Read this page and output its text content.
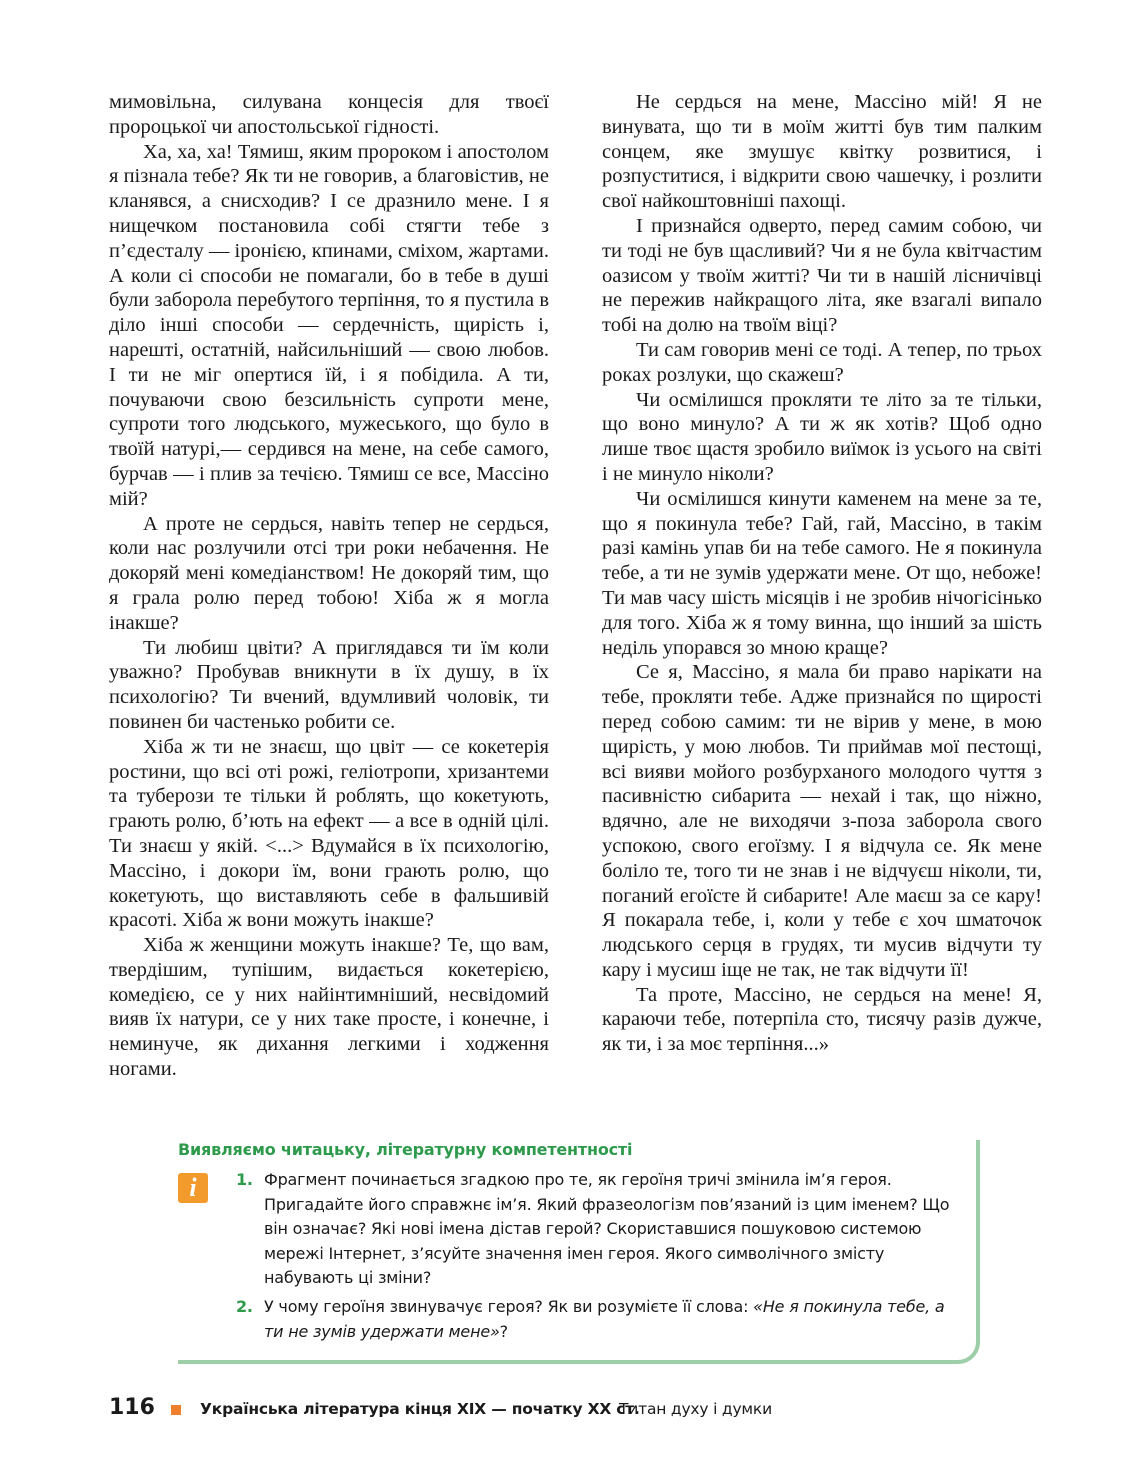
мимовільна, силувана концесія для твоєї пророцької чи апостольської гідності.

Ха, ха, ха! Тямиш, яким пророком і апостолом я пізнала тебе? Як ти не говорив, а благовістив, не кланявся, а снисходив? І се дразнило мене. І я нищечком постановила собі стягти тебе з п’єдесталу — іронією, кпинами, сміхом, жартами. А коли сі способи не помагали, бо в тебе в душі були заборола перебутого терпіння, то я пустила в діло інші способи — сердечність, щирість і, нарешті, остатній, найсильніший — свою любов. І ти не міг опертися їй, і я побідила. А ти, почуваючи свою безсильність супроти мене, супроти того людського, мужеського, що було в твоїй натурі,— сердився на мене, на себе самого, бурчав — і плив за течією. Тямиш се все, Массіно мій?

А проте не сердься, навіть тепер не сердься, коли нас розлучили отсі три роки небачення. Не докоряй мені комедіанством! Не докоряй тим, що я грала ролю перед тобою! Хіба ж я могла інакше?

Ти любиш цвіти? А приглядався ти їм коли уважно? Пробував вникнути в їх душу, в їх психологію? Ти вчений, вдумливий чоловік, ти повинен би частенько робити се.

Хіба ж ти не знаєш, що цвіт — се кокетерія ростини, що всі оті рожі, геліотропи, хризантеми та туберози те тільки й роблять, що кокетують, грають ролю, б’ють на ефект — а все в одній цілі. Ти знаєш у якій. <...> Вдумайся в їх психологію, Массіно, і докори їм, вони грають ролю, що кокетують, що виставляють себе в фальшивій красоті. Хіба ж вони можуть інакше?

Хіба ж женщини можуть інакше? Те, що вам, твердішим, тупішим, видається кокетерією, комедією, се у них найінтимніший, несвідомий вияв їх натури, се у них таке просте, і конечне, і неминуче, як дихання легкими і ходження ногами.

Не сердься на мене, Массіно мій! Я не винувата, що ти в моїм житті був тим палким сонцем, яке змушує квітку розвитися, і розпуститися, і відкрити свою чашечку, і розлити свої найкоштовніші пахощі.

І признайся одверто, перед самим собою, чи ти тоді не був щасливий? Чи я не була квітчастим оазисом у твоїм житті? Чи ти в нашій лісничівці не пережив найкращого літа, яке взагалі випало тобі на долю на твоїм віці?

Ти сам говорив мені се тоді. А тепер, по трьох роках розлуки, що скажеш?

Чи осмілишся прокляти те літо за те тільки, що воно минуло? А ти ж як хотів? Щоб одно лише твоє щастя зробило виїмок із усього на світі і не минуло ніколи?

Чи осмілишся кинути каменем на мене за те, що я покинула тебе? Гай, гай, Массіно, в такім разі камінь упав би на тебе самого. Не я покинула тебе, а ти не зумів удержати мене. От що, небоже! Ти мав часу шість місяців і не зробив нічогісінько для того. Хіба ж я тому винна, що інший за шість неділь упорався зо мною краще?

Се я, Массіно, я мала би право нарікати на тебе, прокляти тебе. Адже признайся по щирості перед собою самим: ти не вірив у мене, в мою щирість, у мою любов. Ти приймав мої пестощі, всі вияви мойого розбурханого молодого чуття з пасивністю сибарита — нехай і так, що ніжно, вдячно, але не виходячи з-поза заборола свого успокою, свого егоїзму. І я відчула се. Як мене боліло те, того ти не знав і не відчуєш ніколи, ти, поганий егоїсте й сибарите! Але маєш за се кару! Я покарала тебе, і, коли у тебе є хоч шматочок людського серця в грудях, ти мусив відчути ту кару і мусиш іще не так, не так відчути її!

Та проте, Массіно, не сердься на мене! Я, караючи тебе, потерпіла сто, тисячу разів дужче, як ти, і за моє терпіння...»

Виявляємо читацьку, літературну компетентності
i	1. Фрагмент починається згадкою про те, як героїня тричі змінила ім’я героя. Пригадайте його справжнє ім’я. Який фразеологізм пов’язаний із цим іменем? Що він означає? Які нові імена дістав герой? Скориставшися пошуковою системою мережі Інтернет, з’ясуйте значення імен героя. Якого символічного змісту набувають ці зміни?
2. У чому героїня звинувачує героя? Як ви розумієте її слова: «Не я покинула тебе, а ти не зумів удержати мене»?
116	Українська література кінця XIX — початку XX ст.
Титан духу і думки
